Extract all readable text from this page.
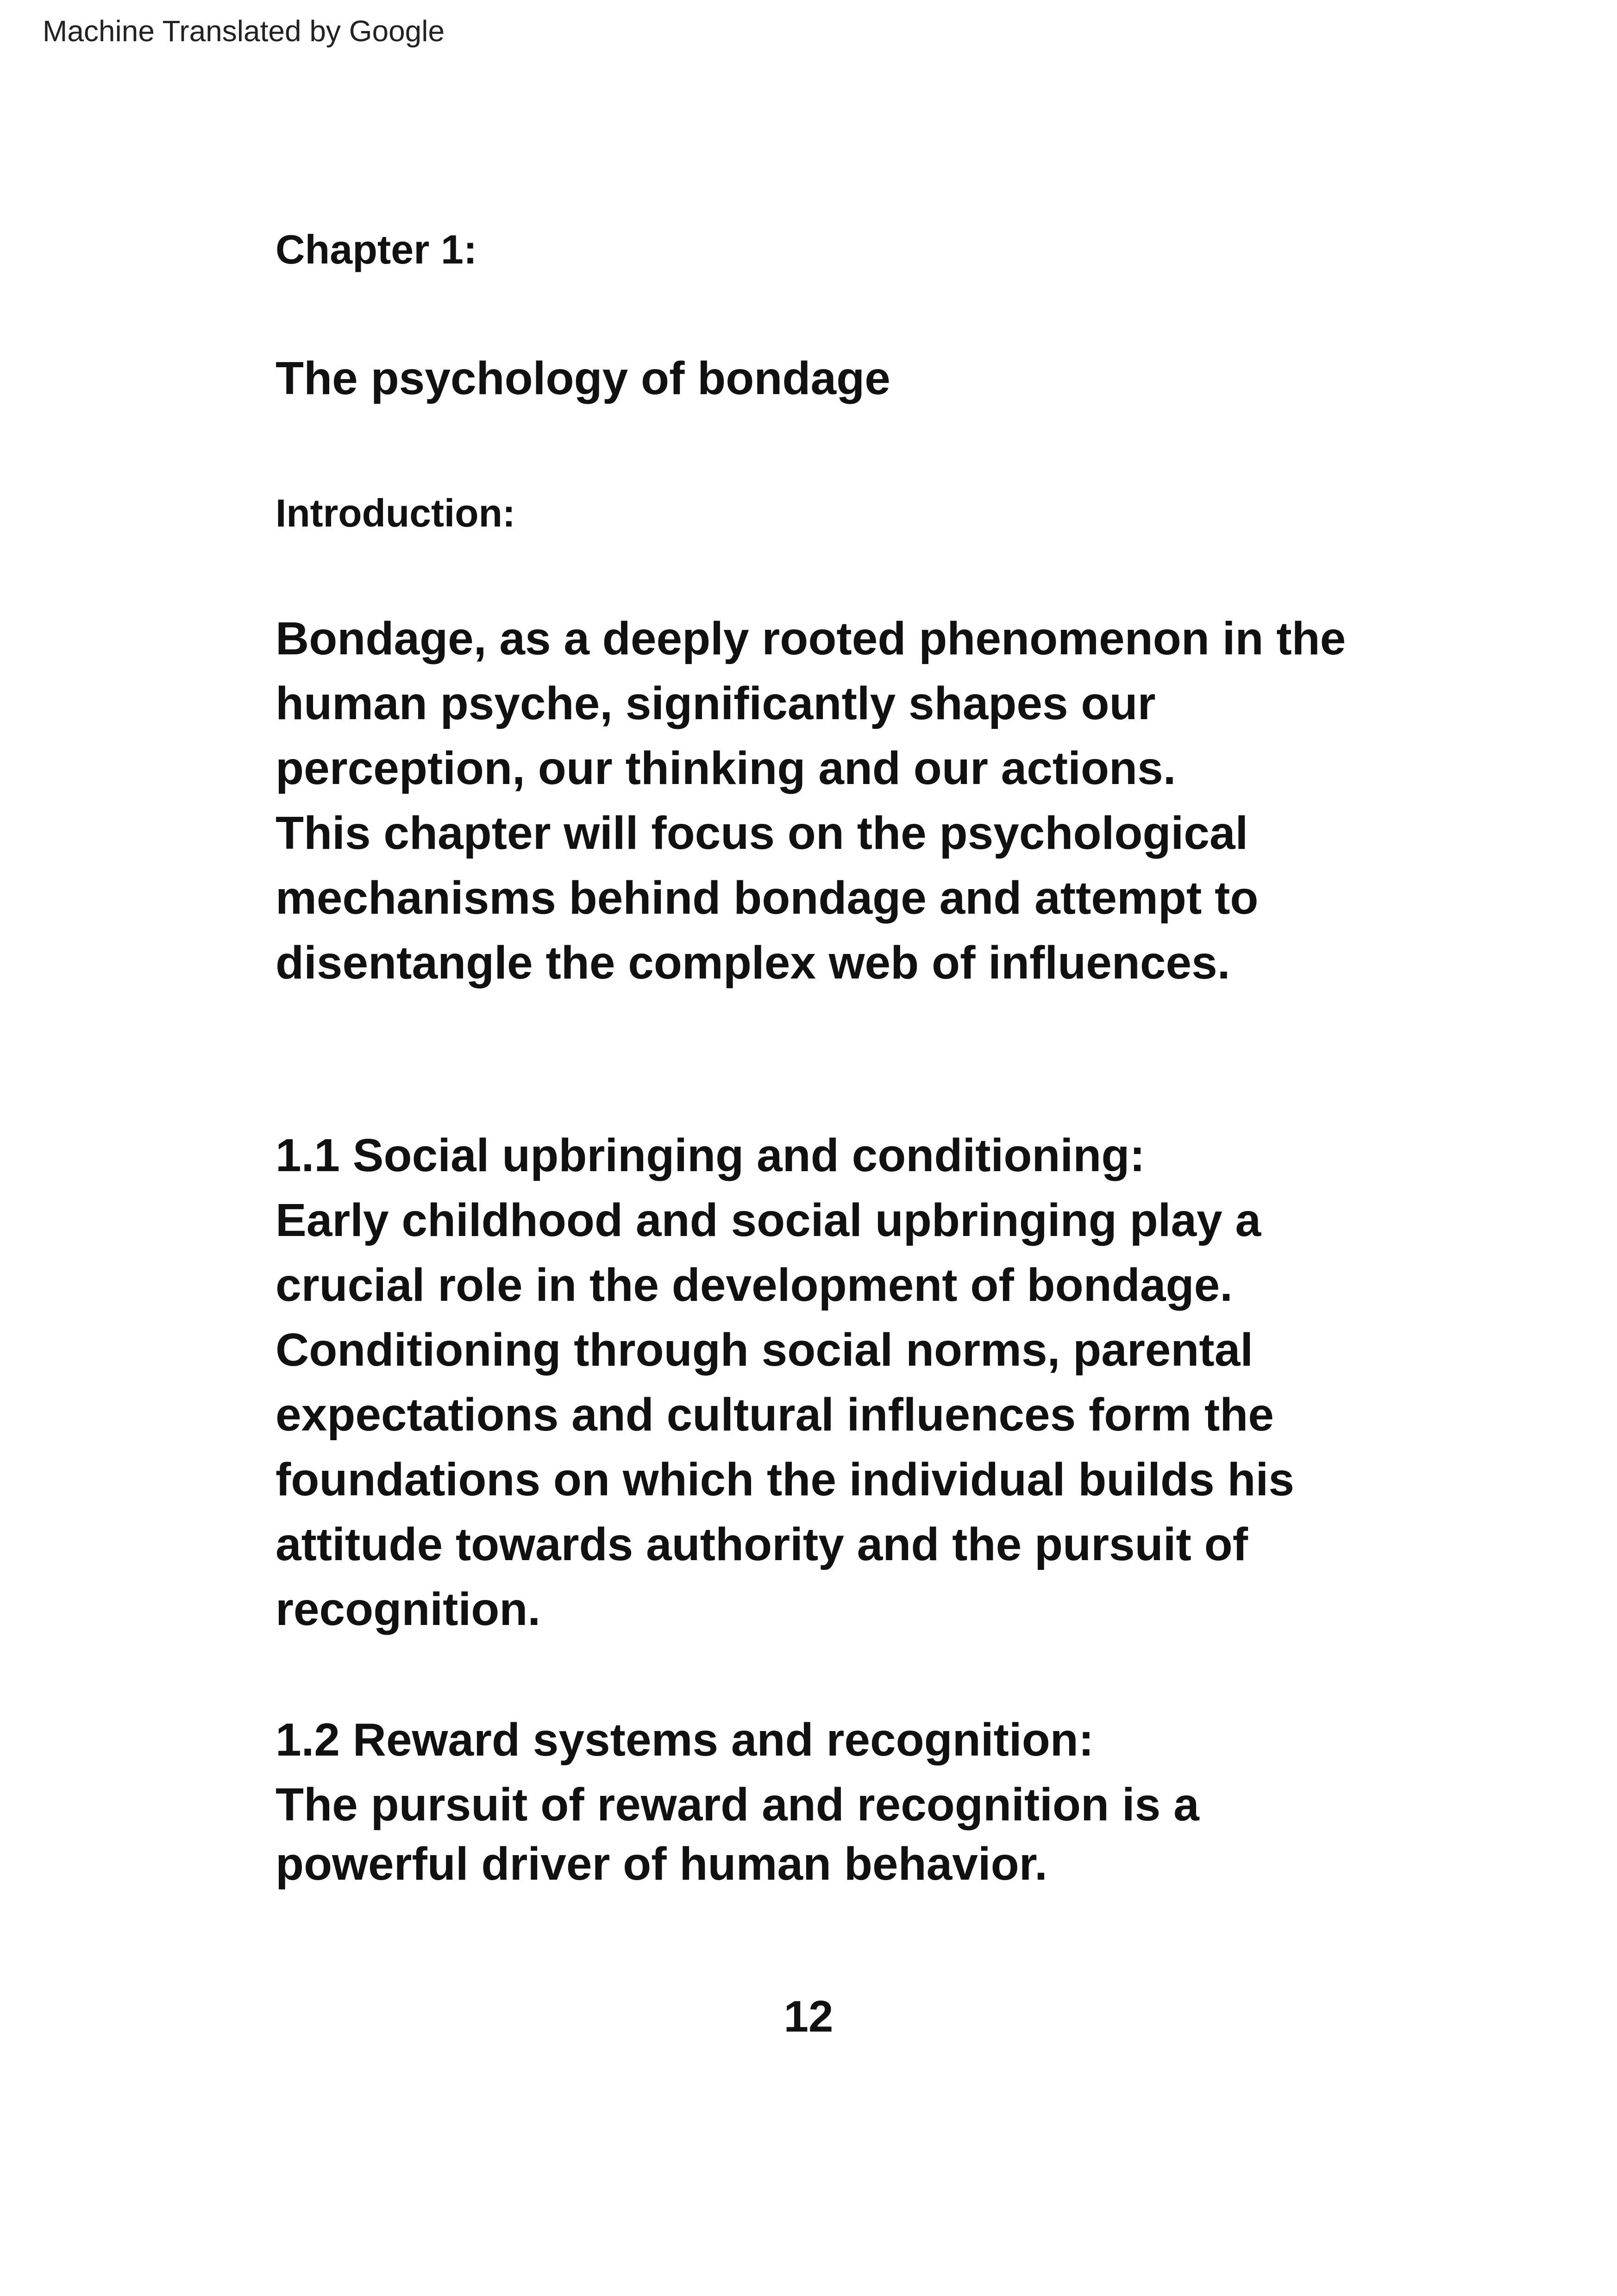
Machine Translated by Google
Chapter 1:
The psychology of bondage
Introduction:
Bondage, as a deeply rooted phenomenon in the
human psyche, significantly shapes our
perception, our thinking and our actions.
This chapter will focus on the psychological
mechanisms behind bondage and attempt to
disentangle the complex web of influences.
1.1 Social upbringing and conditioning:
Early childhood and social upbringing play a
crucial role in the development of bondage.
Conditioning through social norms, parental
expectations and cultural influences form the
foundations on which the individual builds his
attitude towards authority and the pursuit of
recognition.
1.2 Reward systems and recognition:
The pursuit of reward and recognition is a
powerful driver of human behavior.
12
